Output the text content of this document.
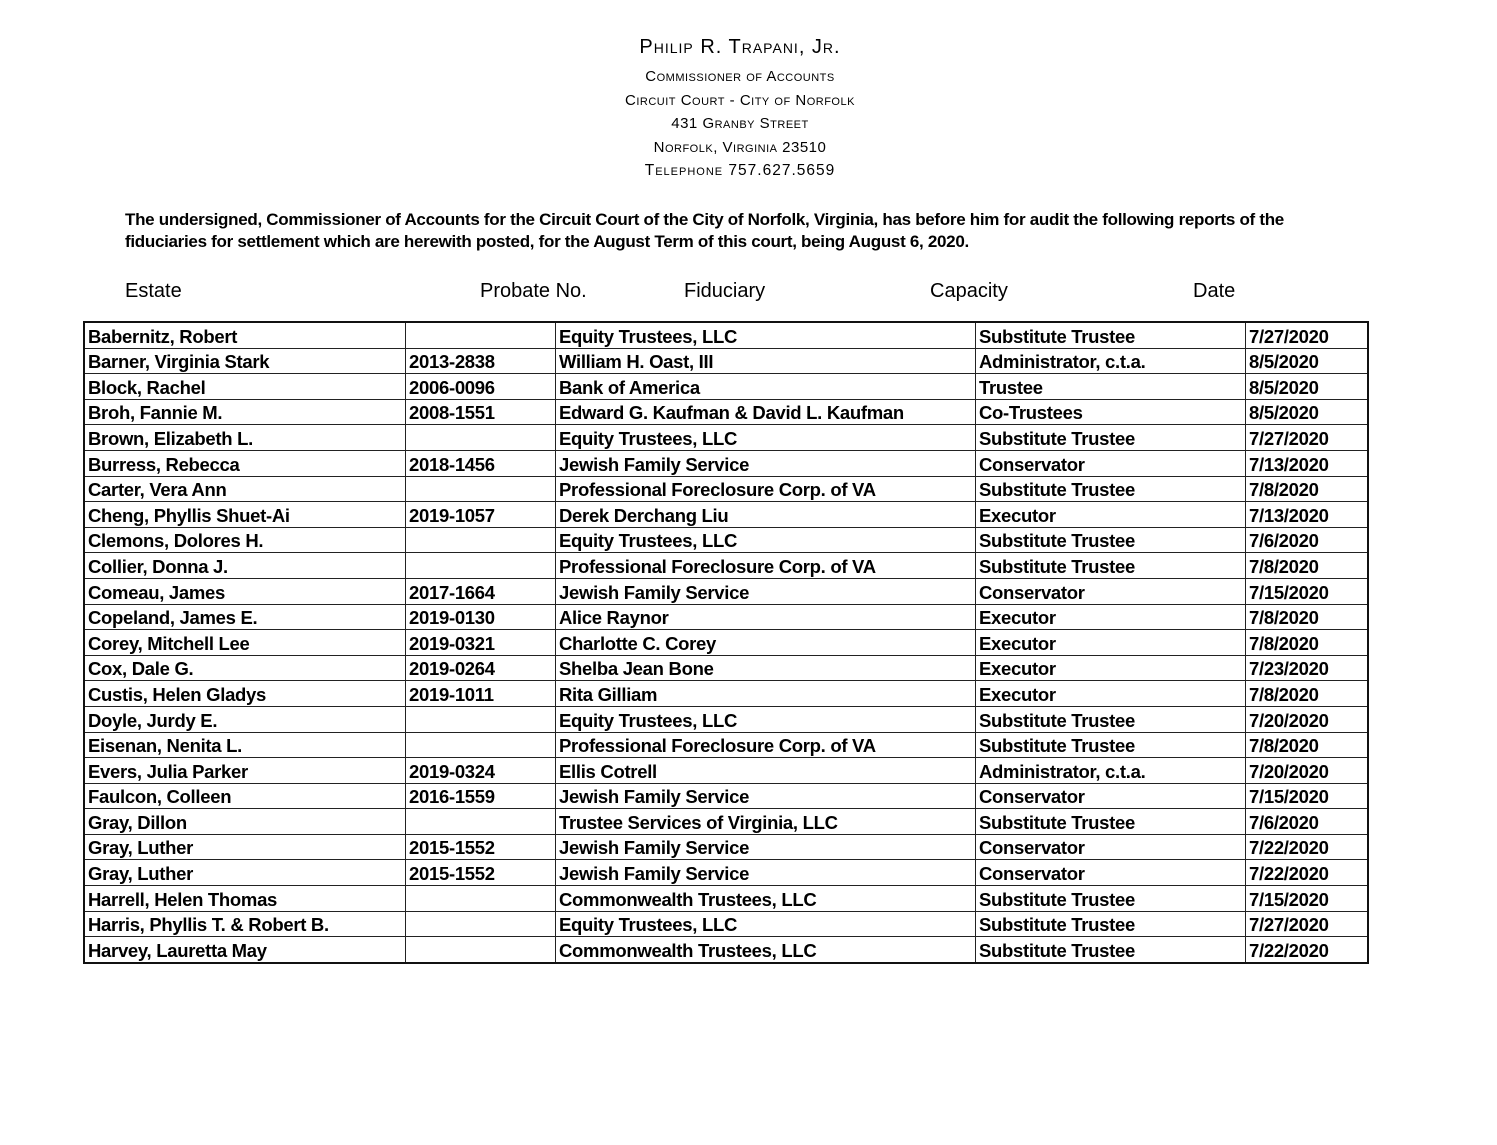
Philip R. Trapani, Jr.
Commissioner of Accounts
Circuit Court - City of Norfolk
431 Granby Street
Norfolk, Virginia 23510
Telephone 757.627.5659
The undersigned, Commissioner of Accounts for the Circuit Court of the City of Norfolk, Virginia, has before him for audit the following reports of the fiduciaries for settlement which are herewith posted, for the August Term of this court, being August 6, 2020.
Estate	Probate No.	Fiduciary	Capacity	Date
Babernitz, Robert		Equity Trustees, LLC	Substitute Trustee	7/27/2020
Barner, Virginia Stark	2013-2838	William H. Oast, III	Administrator, c.t.a.	8/5/2020
Block, Rachel	2006-0096	Bank of America	Trustee	8/5/2020
Broh, Fannie M.	2008-1551	Edward G. Kaufman & David L. Kaufman	Co-Trustees	8/5/2020
Brown, Elizabeth L.		Equity Trustees, LLC	Substitute Trustee	7/27/2020
Burress, Rebecca	2018-1456	Jewish Family Service	Conservator	7/13/2020
Carter, Vera Ann		Professional Foreclosure Corp. of VA	Substitute Trustee	7/8/2020
Cheng, Phyllis Shuet-Ai	2019-1057	Derek Derchang Liu	Executor	7/13/2020
Clemons, Dolores H.		Equity Trustees, LLC	Substitute Trustee	7/6/2020
Collier, Donna J.		Professional Foreclosure Corp. of VA	Substitute Trustee	7/8/2020
Comeau, James	2017-1664	Jewish Family Service	Conservator	7/15/2020
Copeland, James E.	2019-0130	Alice Raynor	Executor	7/8/2020
Corey, Mitchell Lee	2019-0321	Charlotte C. Corey	Executor	7/8/2020
Cox, Dale G.	2019-0264	Shelba Jean Bone	Executor	7/23/2020
Custis, Helen Gladys	2019-1011	Rita Gilliam	Executor	7/8/2020
Doyle, Jurdy E.		Equity Trustees, LLC	Substitute Trustee	7/20/2020
Eisenan, Nenita L.		Professional Foreclosure Corp. of VA	Substitute Trustee	7/8/2020
Evers, Julia Parker	2019-0324	Ellis Cotrell	Administrator, c.t.a.	7/20/2020
Faulcon, Colleen	2016-1559	Jewish Family Service	Conservator	7/15/2020
Gray, Dillon		Trustee Services of Virginia, LLC	Substitute Trustee	7/6/2020
Gray, Luther	2015-1552	Jewish Family Service	Conservator	7/22/2020
Gray, Luther	2015-1552	Jewish Family Service	Conservator	7/22/2020
Harrell, Helen Thomas		Commonwealth Trustees, LLC	Substitute Trustee	7/15/2020
Harris, Phyllis T. & Robert B.		Equity Trustees, LLC	Substitute Trustee	7/27/2020
Harvey, Lauretta May		Commonwealth Trustees, LLC	Substitute Trustee	7/22/2020
